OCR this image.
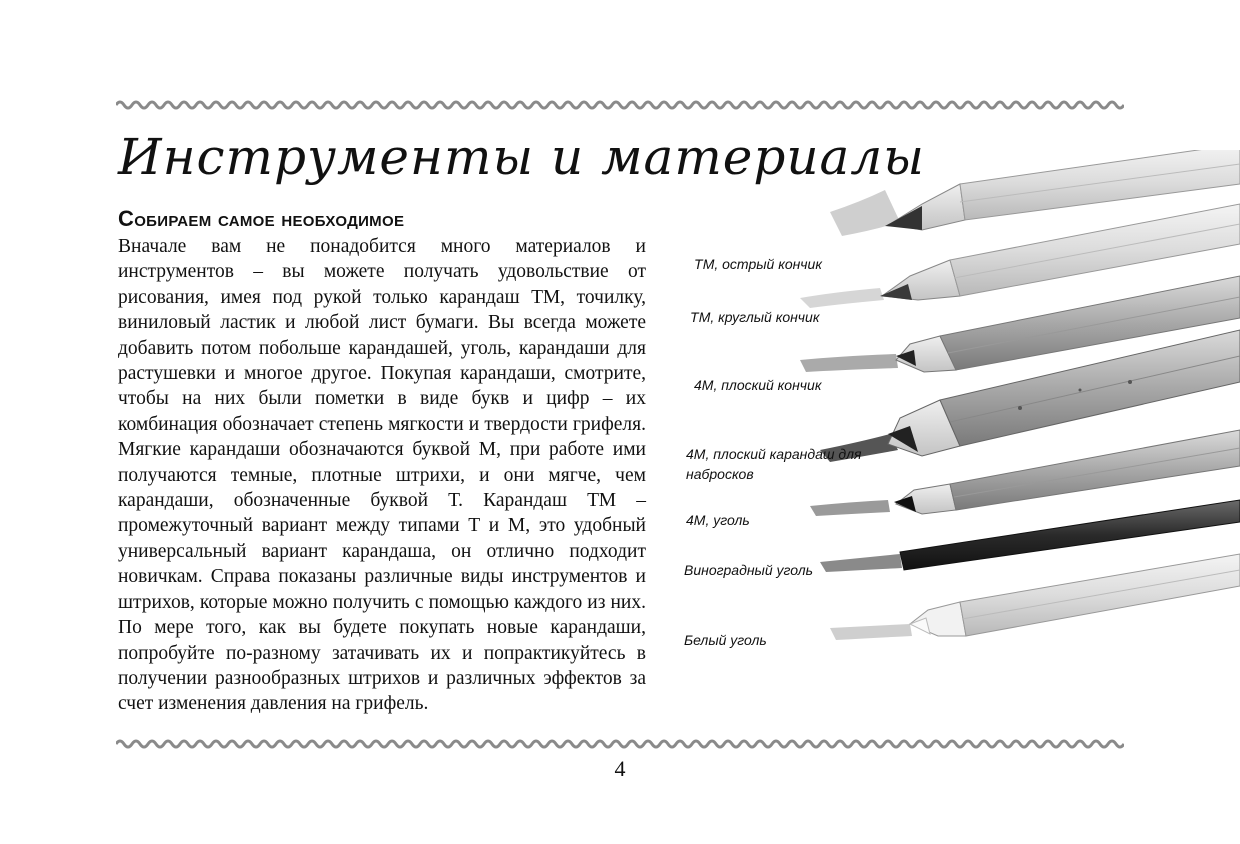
Инструменты и материалы
Собираем самое необходимое

Вначале вам не понадобится много материалов и инструментов – вы можете получать удовольствие от рисования, имея под рукой только карандаш ТМ, точилку, виниловый ластик и любой лист бумаги. Вы всегда можете добавить потом побольше карандашей, уголь, карандаши для растушевки и многое другое. Покупая карандаши, смотрите, чтобы на них были пометки в виде букв и цифр – их комбинация обозначает степень мягкости и твердости грифеля. Мягкие карандаши обозначаются буквой М, при работе ими получаются темные, плотные штрихи, и они мягче, чем карандаши, обозначенные буквой Т. Карандаш ТМ – промежуточный вариант между типами Т и М, это удобный универсальный вариант карандаша, он отлично подходит новичкам. Справа показаны различные виды инструментов и штрихов, которые можно получить с помощью каждого из них. По мере того, как вы будете покупать новые карандаши, попробуйте по-разному затачивать их и попрактикуйтесь в получении разнообразных штрихов и различных эффектов за счет изменения давления на грифель.

ТМ, острый кончик
ТМ, круглый кончик
4М, плоский кончик
4М, плоский карандаш для набросков
4М, уголь
Виноградный уголь
Белый уголь
4
